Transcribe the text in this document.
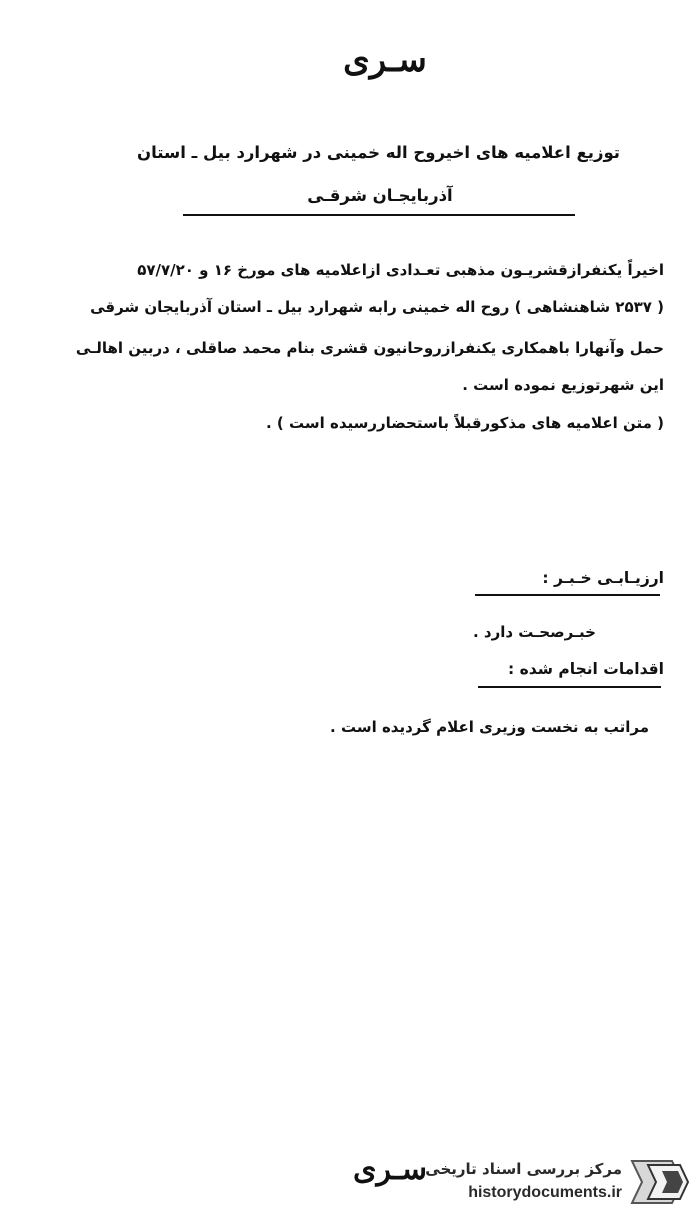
سـری
توزیع اعلامیه های اخیروح اله خمینی در شهرارد بیل ـ استان
آذربایجـان شرقـی
اخیراً یکنفرازقشریـون مذهبی تعـدادی ازاعلامیه های مورخ ۱۶ و ۵۷/۷/۲۰
( ۲۵۳۷ شاهنشاهی ) روح اله خمینی رابه شهرارد بیل ـ استان آذربایجان شرقی
حمل وآنهارا باهمکاری یکنفرازروحانیون قشری بنام محمد صاقلی ، دربین اهالـی
این شهرتوزیع نموده است .
( متن اعلامیه های مذکورقبلاً باستحضاررسیده است ) .
ارزیـابـی خـبـر :
خبـرصحـت دارد .
اقدامات انجام شده :
مراتب به نخست وزیری اعلام گردیده است .
سـری
مرکز بررسی اسناد تاریخی
historydocuments.ir
